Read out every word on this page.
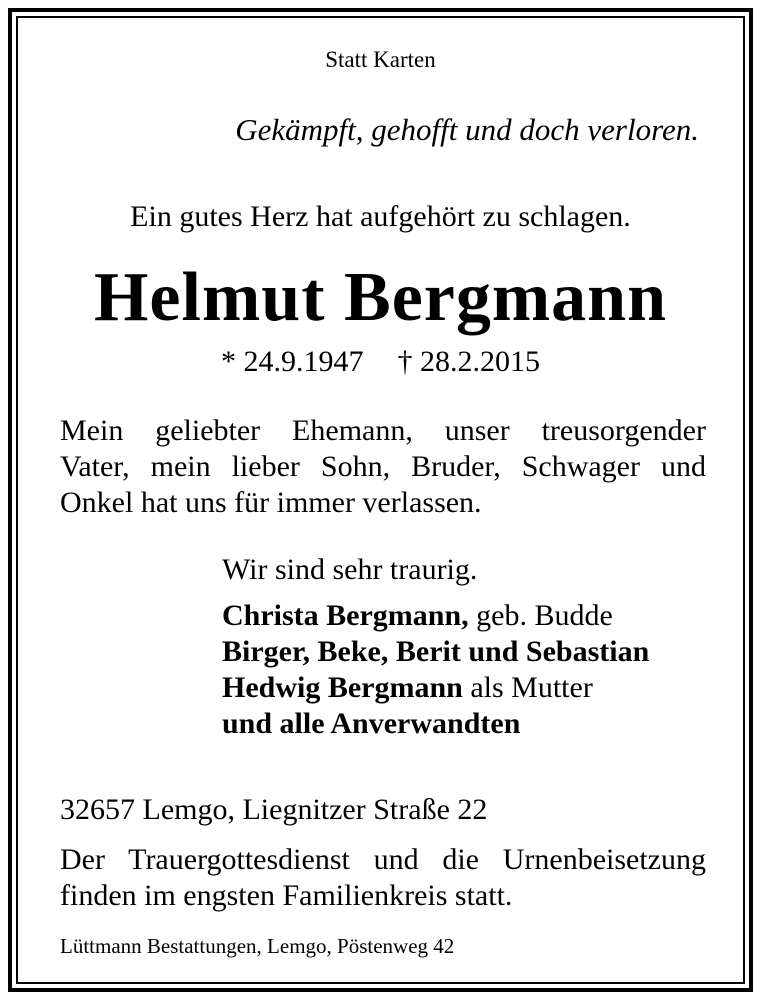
Statt Karten

Gekämpft, gehofft und doch verloren.

Ein gutes Herz hat aufgehört zu schlagen.

Helmut Bergmann

* 24.9.1947 † 28.2.2015

Mein geliebter Ehemann, unser treusorgender
Vater, mein lieber Sohn, Bruder, Schwager und
Onkel hat uns für immer verlassen.

Wir sind sehr traurig.

Christa Bergmann, geb. Budde
Birger, Beke, Berit und Sebastian
Hedwig Bergmann als Mutter
und alle Anverwandten

32657 Lemgo, Liegnitzer Straße 22

Der Trauergottesdienst und die Urnenbeisetzung
finden im engsten Familienkreis statt.

Lüttmann Bestattungen, Lemgo, Pöstenweg 42
